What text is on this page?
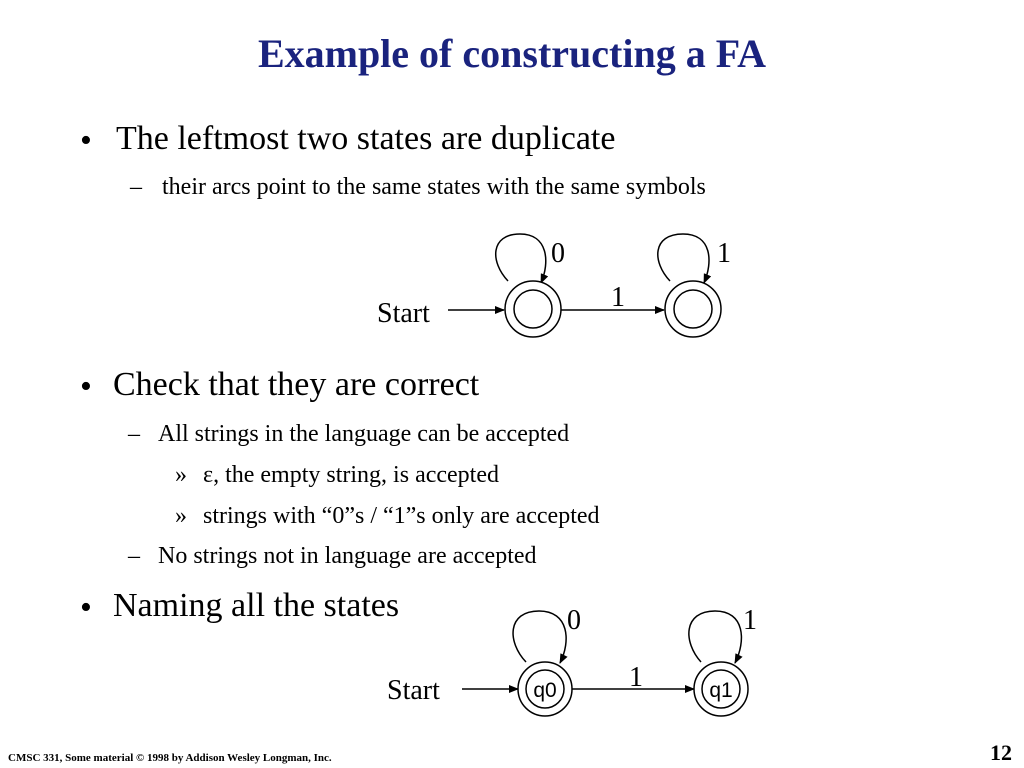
Example of constructing a FA
• The leftmost two states are duplicate
– their arcs point to the same states with the same symbols
Start
0
1
1
Start
0
q0	1
1
q1
• Check that they are correct
– All strings in the language can be accepted
» ε, the empty string, is accepted
» strings with “0”s / “1”s only are accepted
– No strings not in language are accepted
• Naming all the states
CMSC 331, Some material © 1998 by Addison Wesley Longman, Inc.	12
